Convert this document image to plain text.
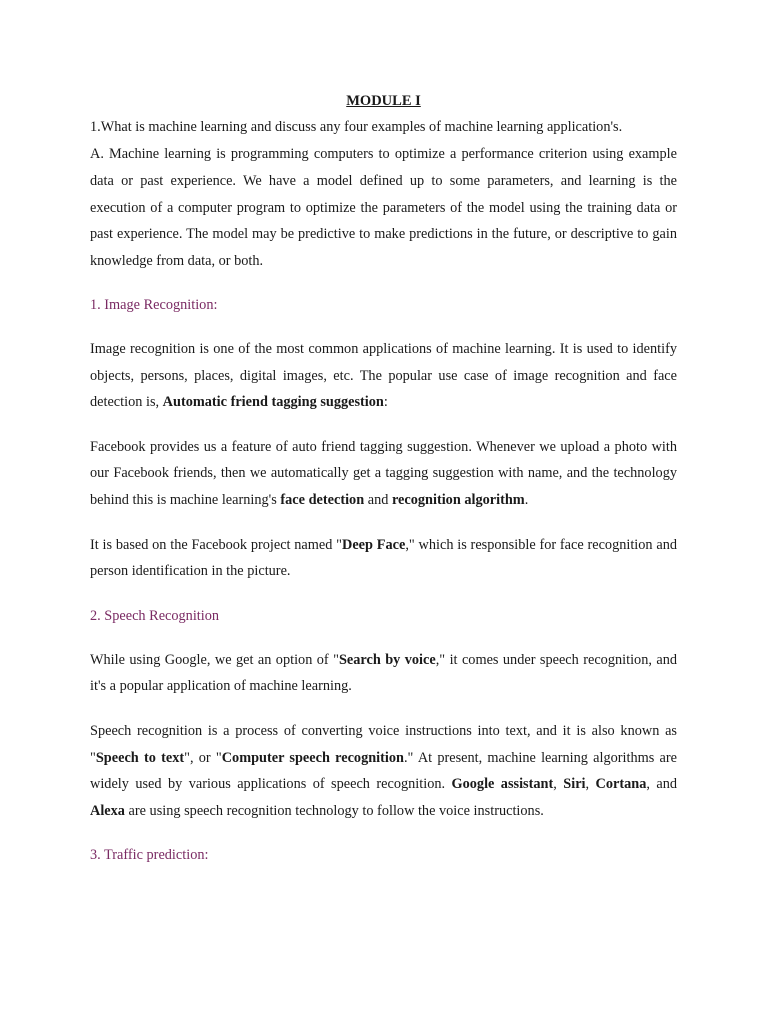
MODULE I

1.What is machine learning and discuss any four examples of machine learning application's.

A. Machine learning is programming computers to optimize a performance criterion using example data or past experience. We have a model defined up to some parameters, and learning is the execution of a computer program to optimize the parameters of the model using the training data or past experience. The model may be predictive to make predictions in the future, or descriptive to gain knowledge from data, or both.

1. Image Recognition:

Image recognition is one of the most common applications of machine learning. It is used to identify objects, persons, places, digital images, etc. The popular use case of image recognition and face detection is, Automatic friend tagging suggestion:

Facebook provides us a feature of auto friend tagging suggestion. Whenever we upload a photo with our Facebook friends, then we automatically get a tagging suggestion with name, and the technology behind this is machine learning's face detection and recognition algorithm.

It is based on the Facebook project named "Deep Face," which is responsible for face recognition and person identification in the picture.

2. Speech Recognition

While using Google, we get an option of "Search by voice," it comes under speech recognition, and it's a popular application of machine learning.

Speech recognition is a process of converting voice instructions into text, and it is also known as "Speech to text", or "Computer speech recognition." At present, machine learning algorithms are widely used by various applications of speech recognition. Google assistant, Siri, Cortana, and Alexa are using speech recognition technology to follow the voice instructions.

3. Traffic prediction:
